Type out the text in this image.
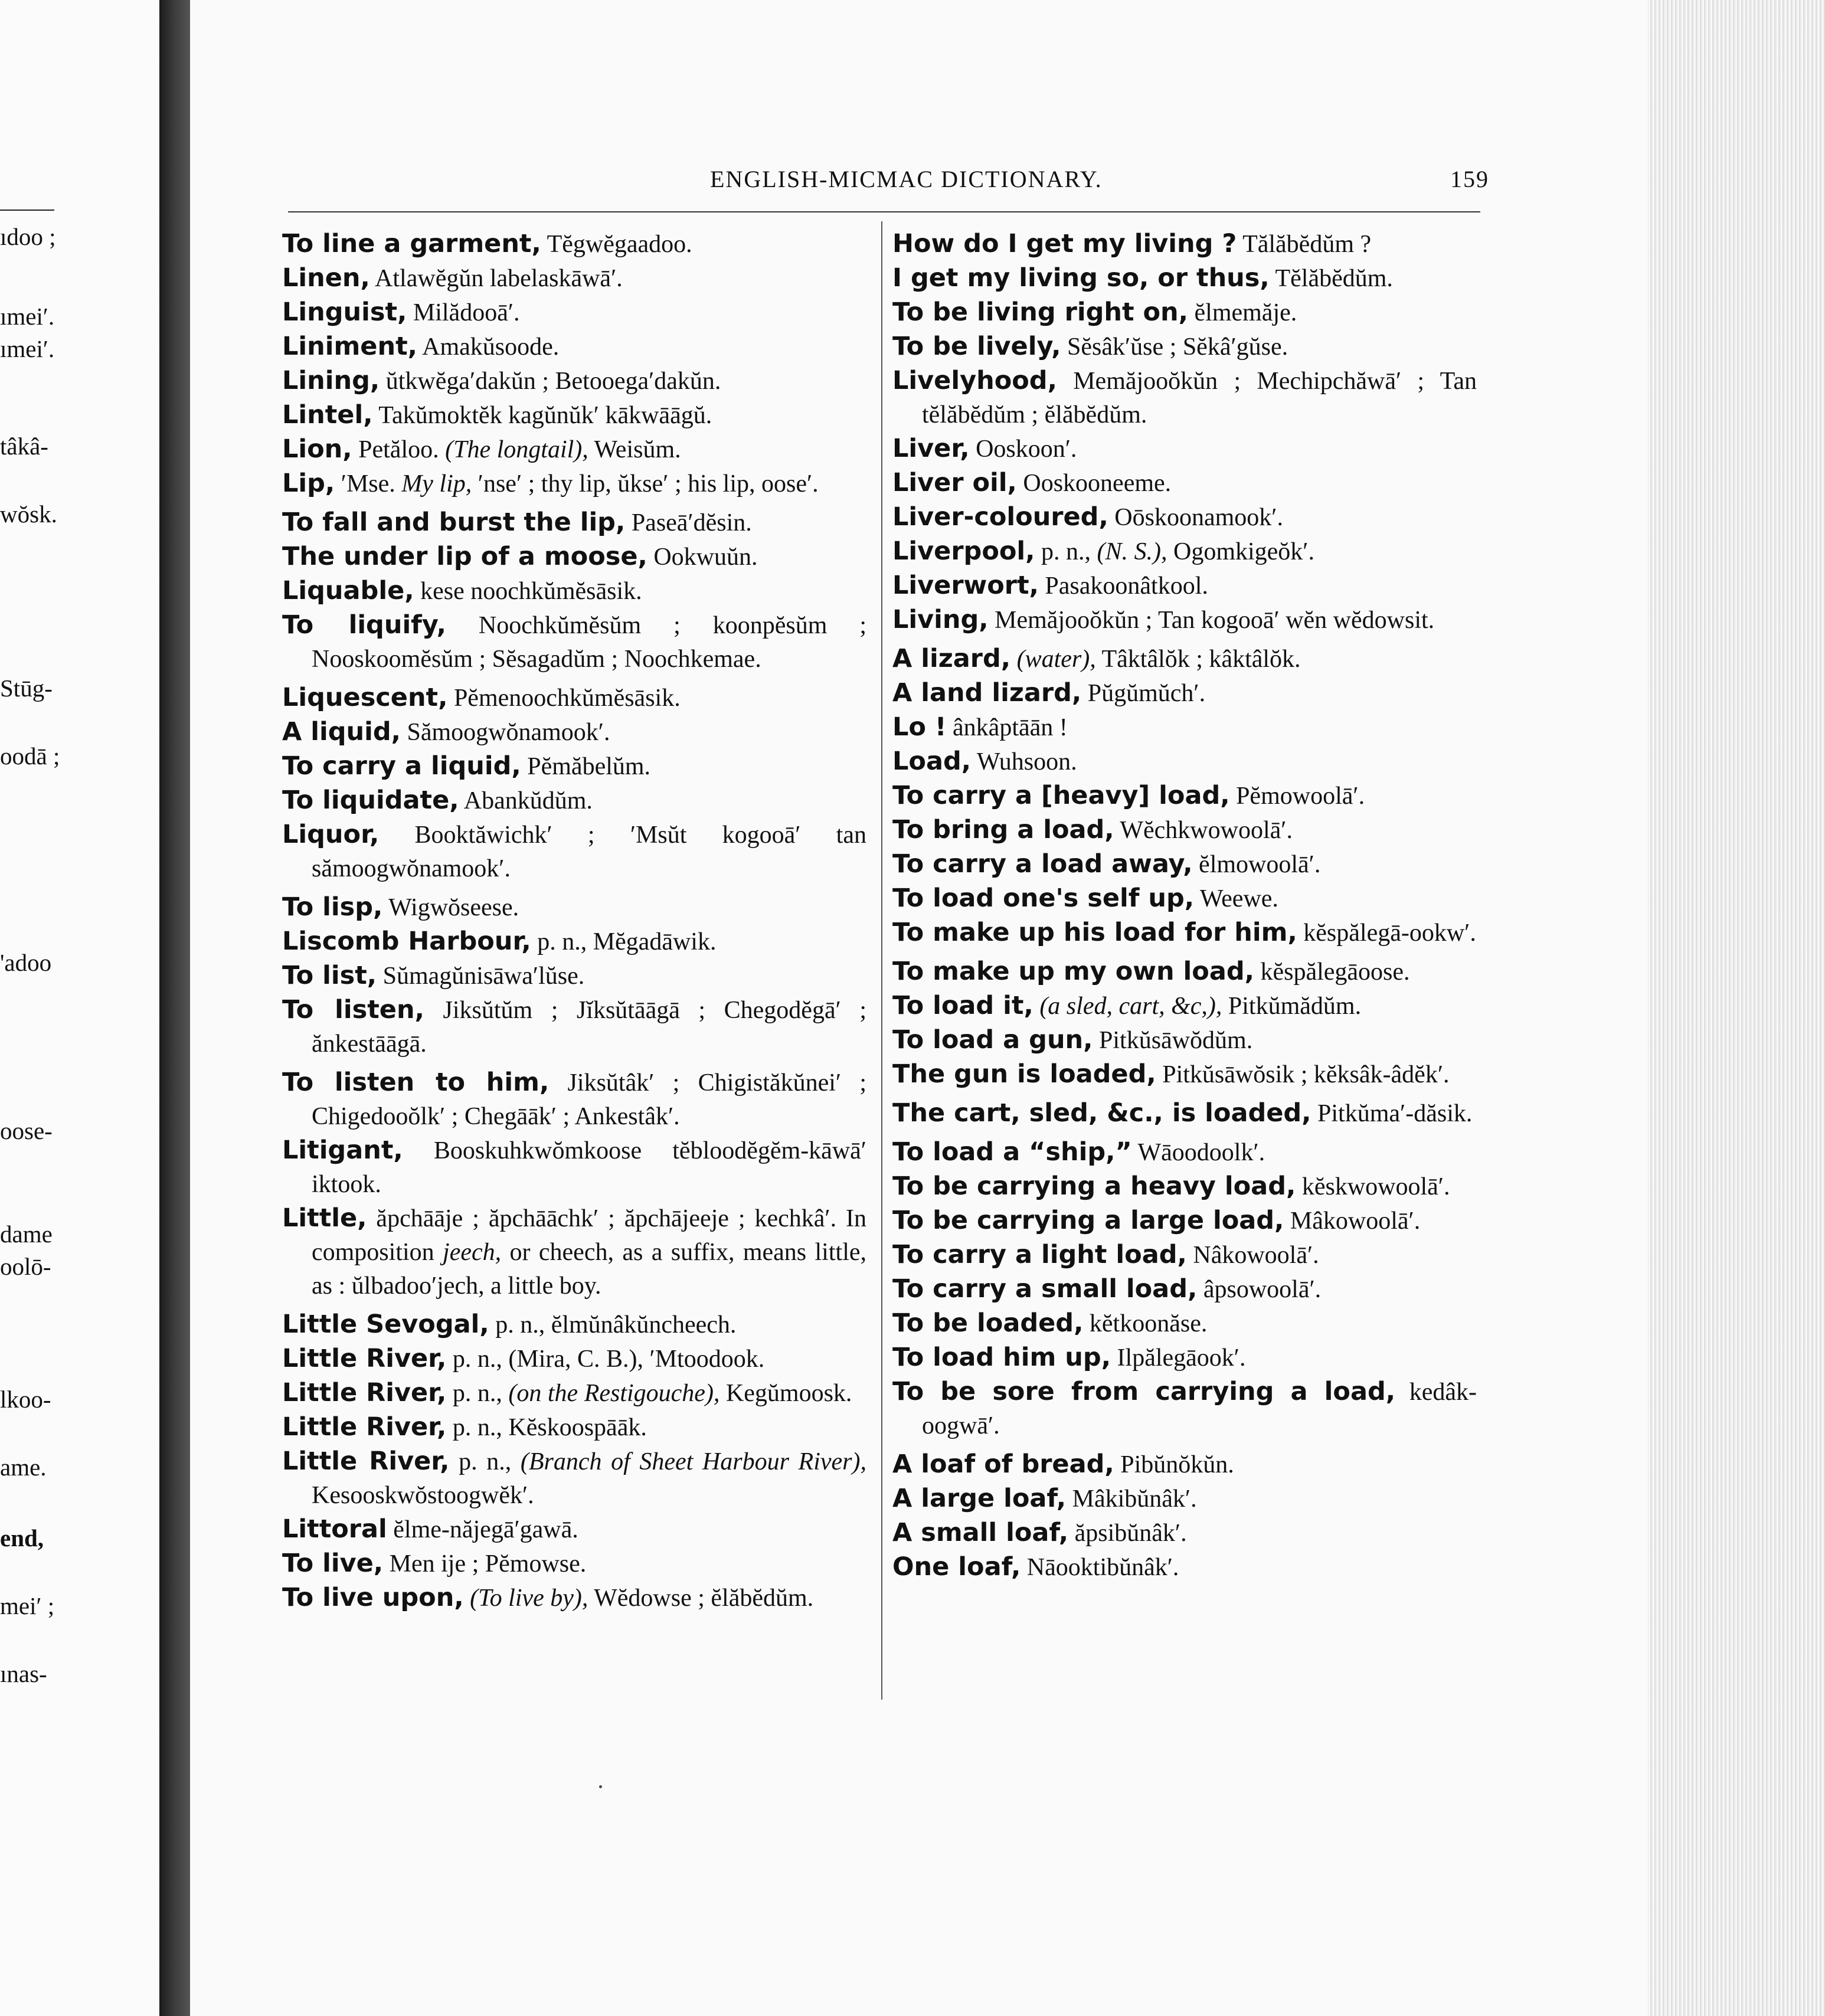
ıdoo ;
ımei′.
ımei′.
tâkâ-
wŏsk.
Stūg-
oodā ;
'adoo
oose-
dame
oolō-
lkoo-
ame.
end,
mei′ ;
ınas-
ENGLISH-MICMAC DICTIONARY.	159
To line a garment, Tĕgwĕgaadoo.
Linen, Atlawĕgŭn labelaskāwā′.
Linguist, Milădooā′.
Liniment, Amakŭsoode.
Lining, ŭtkwĕga′dakŭn ; Betooega′dakŭn.
Lintel, Takŭmoktĕk kagŭnŭk′ kākwāāgŭ.
Lion, Petăloo. (The longtail), Weisŭm.
Lip, ′Mse. My lip, ′nse′ ; thy lip, ŭkse′ ; his lip, oose′.
To fall and burst the lip, Paseā′dĕsin.
The under lip of a moose, Ookwuŭn.
Liquable, kese noochkŭmĕsāsik.
To liquify, Noochkŭmĕsŭm ; koonpĕsŭm ; Nooskoomĕsŭm ; Sĕsagadŭm ; Noochkemae.
Liquescent, Pĕmenoochkŭmĕsāsik.
A liquid, Sămoogwŏnamook′.
To carry a liquid, Pĕmăbelŭm.
To liquidate, Abankŭdŭm.
Liquor, Booktăwichk′ ; ′Msŭt kogooā′ tan sămoogwŏnamook′.
To lisp, Wigwŏseese.
Liscomb Harbour, p. n., Mĕgadāwik.
To list, Sŭmagŭnisāwa′lŭse.
To listen, Jiksŭtŭm ; Jĭksŭtāāgā ; Chegodĕgā′ ; ănkestāāgā.
To listen to him, Jiksŭtâk′ ; Chigistăkŭnei′ ; Chigedooŏlk′ ; Chegāāk′ ; Ankestâk′.
Litigant, Booskuhkwŏmkoose tĕbloodĕgĕm-kāwā′ iktook.
Little, ăpchāāje ; ăpchāāchk′ ; ăpchājeeje ; kechkâ′. In composition jeech, or cheech, as a suffix, means little, as : ŭlbadoo′jech, a little boy.
Little Sevogal, p. n., ĕlmŭnâkŭncheech.
Little River, p. n., (Mira, C. B.), ′Mtoodook.
Little River, p. n., (on the Restigouche), Kegŭmoosk.
Little River, p. n., Kĕskoospāāk.
Little River, p. n., (Branch of Sheet Harbour River), Kesooskwŏstoogwĕk′.
Littoral ĕlme-năjegā′gawā.
To live, Men ije ; Pĕmowse.
To live upon, (To live by), Wĕdowse ; ĕlăbĕdŭm.
How do I get my living ? Tălăbĕdŭm ?
I get my living so, or thus, Tĕlăbĕdŭm.
To be living right on, ĕlmemăje.
To be lively, Sĕsâk′ŭse ; Sĕkâ′gŭse.
Livelyhood, Memăjooŏkŭn ; Mechipchăwā′ ; Tan tĕlăbĕdŭm ; ĕlăbĕdŭm.
Liver, Ooskoon′.
Liver oil, Ooskooneeme.
Liver-coloured, Oōskoonamook′.
Liverpool, p. n., (N. S.), Ogomkigeŏk′.
Liverwort, Pasakoonâtkool.
Living, Memăjooŏkŭn ; Tan kogooā′ wĕn wĕdowsit.
A lizard, (water), Tâktâlŏk ; kâktâlŏk.
A land lizard, Pŭgŭmŭch′.
Lo ! ânkâptāān !
Load, Wuhsoon.
To carry a [heavy] load, Pĕmowoolā′.
To bring a load, Wĕchkwowoolā′.
To carry a load away, ĕlmowoolā′.
To load one's self up, Weewe.
To make up his load for him, kĕspălegā-ookw′.
To make up my own load, kĕspălegāoose.
To load it, (a sled, cart, &c,), Pitkŭmădŭm.
To load a gun, Pitkŭsāwŏdŭm.
The gun is loaded, Pitkŭsāwŏsik ; kĕksâk-âdĕk′.
The cart, sled, &c., is loaded, Pitkŭma′-dăsik.
To load a “ship,” Wāoodoolk′.
To be carrying a heavy load, kĕskwowoolā′.
To be carrying a large load, Mâkowoolā′.
To carry a light load, Nâkowoolā′.
To carry a small load, âpsowoolā′.
To be loaded, kĕtkoonăse.
To load him up, Ilpălegāook′.
To be sore from carrying a load, kedâk-oogwā′.
A loaf of bread, Pibŭnŏkŭn.
A large loaf, Mâkibŭnâk′.
A small loaf, ăpsibŭnâk′.
One loaf, Nāooktibŭnâk′.
